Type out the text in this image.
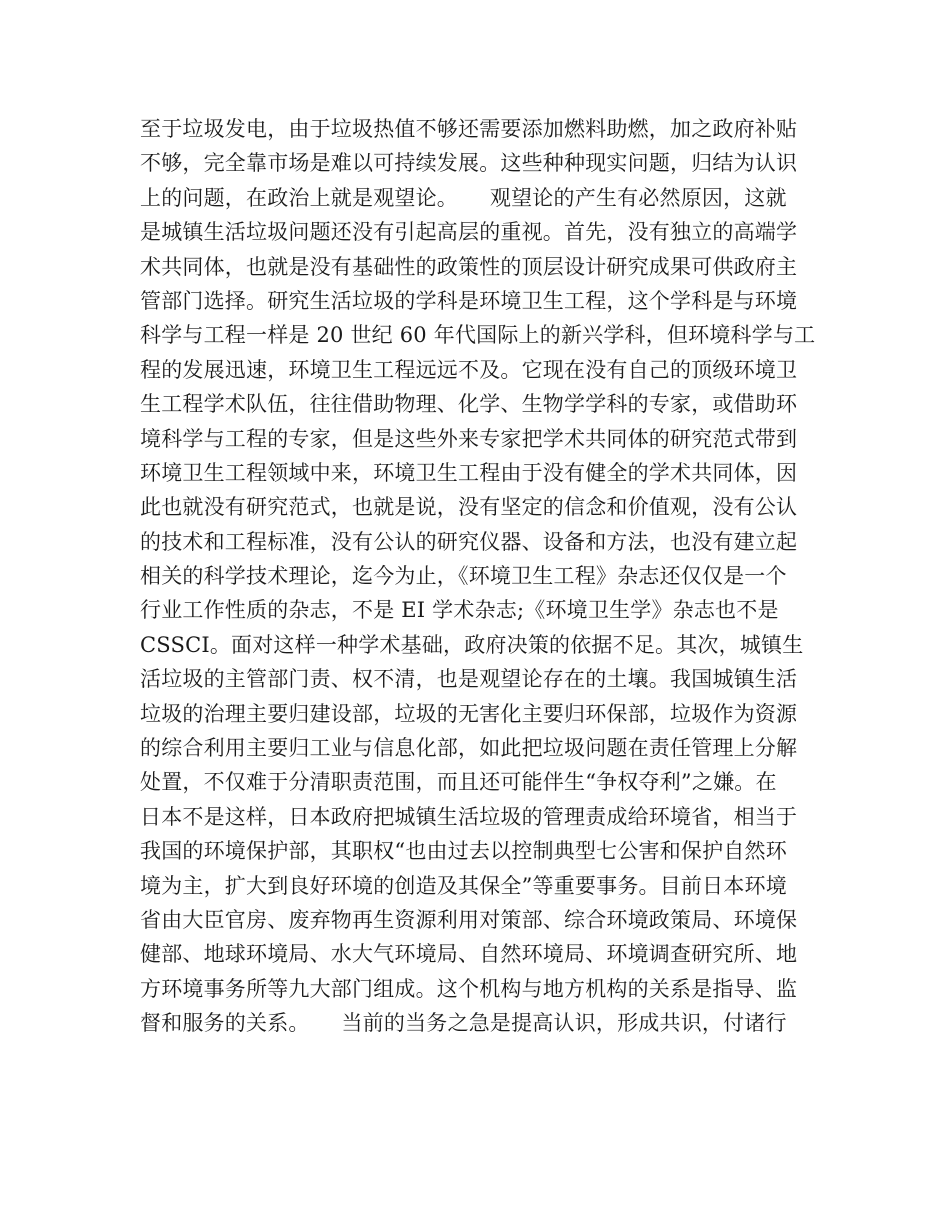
至于垃圾发电，由于垃圾热值不够还需要添加燃料助燃，加之政府补贴
不够，完全靠市场是难以可持续发展。这些种种现实问题，归结为认识
上的问题，在政治上就是观望论。　　观望论的产生有必然原因，这就
是城镇生活垃圾问题还没有引起高层的重视。首先，没有独立的高端学
术共同体，也就是没有基础性的政策性的顶层设计研究成果可供政府主
管部门选择。研究生活垃圾的学科是环境卫生工程，这个学科是与环境
科学与工程一样是 20 世纪 60 年代国际上的新兴学科，但环境科学与工
程的发展迅速，环境卫生工程远远不及。它现在没有自己的顶级环境卫
生工程学术队伍，往往借助物理、化学、生物学学科的专家，或借助环
境科学与工程的专家，但是这些外来专家把学术共同体的研究范式带到
环境卫生工程领域中来，环境卫生工程由于没有健全的学术共同体，因
此也就没有研究范式，也就是说，没有坚定的信念和价值观，没有公认
的技术和工程标准，没有公认的研究仪器、设备和方法，也没有建立起
相关的科学技术理论，迄今为止，《环境卫生工程》杂志还仅仅是一个
行业工作性质的杂志，不是 EI 学术杂志;《环境卫生学》杂志也不是
CSSCI。面对这样一种学术基础，政府决策的依据不足。其次，城镇生
活垃圾的主管部门责、权不清，也是观望论存在的土壤。我国城镇生活
垃圾的治理主要归建设部，垃圾的无害化主要归环保部，垃圾作为资源
的综合利用主要归工业与信息化部，如此把垃圾问题在责任管理上分解
处置，不仅难于分清职责范围，而且还可能伴生“争权夺利”之嫌。在
日本不是这样，日本政府把城镇生活垃圾的管理责成给环境省，相当于
我国的环境保护部，其职权“也由过去以控制典型七公害和保护自然环
境为主，扩大到良好环境的创造及其保全”等重要事务。目前日本环境
省由大臣官房、废弃物再生资源利用对策部、综合环境政策局、环境保
健部、地球环境局、水大气环境局、自然环境局、环境调查研究所、地
方环境事务所等九大部门组成。这个机构与地方机构的关系是指导、监
督和服务的关系。　　当前的当务之急是提高认识，形成共识，付诸行
